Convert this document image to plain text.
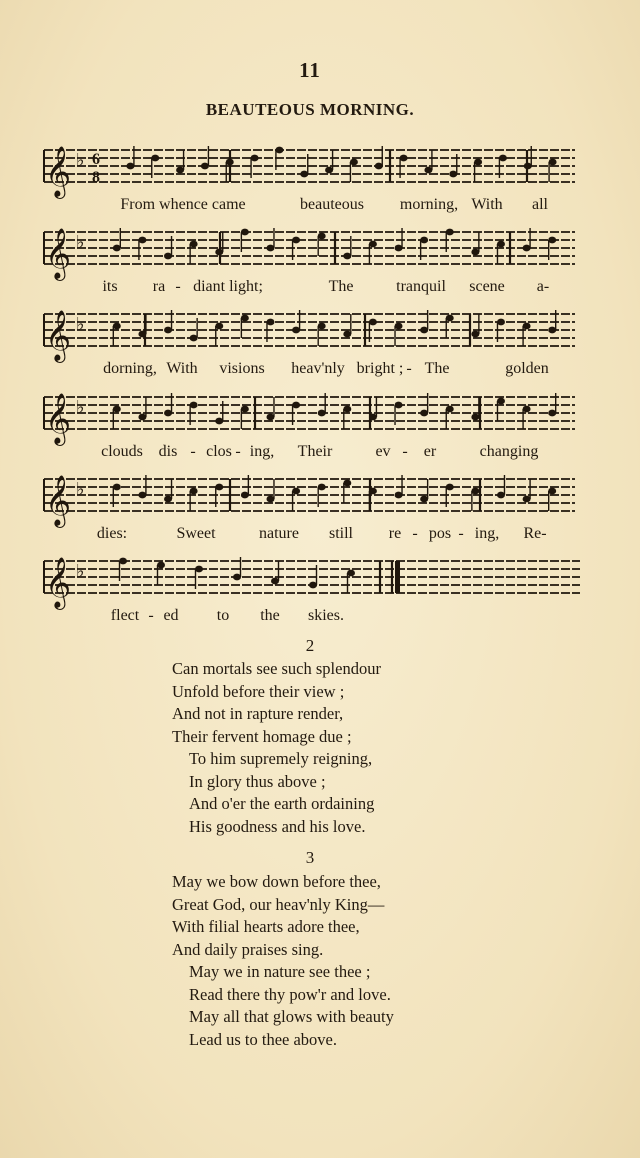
11
BEAUTEOUS MORNING.
𝄞 ♭ 6
8
From whence came	beauteous morning, With all
𝄞 ♭
its ra - diant light;	The	tranquil scene a-
𝄞 ♭
dorning, With visions heav'nly bright ; - The	golden
𝄞 ♭
clouds dis - clos - ing, Their	ev - er	changing
𝄞 ♭
dies:	Sweet	nature still re - pos - ing, Re-
𝄞 ♭
flect - ed to the skies.
2
Can mortals see such splendour
Unfold before their view ;
And not in rapture render,
Their fervent homage due ;
To him supremely reigning,
In glory thus above ;
And o'er the earth ordaining
His goodness and his love.
3
May we bow down before thee,
Great God, our heav'nly King—
With filial hearts adore thee,
And daily praises sing.
May we in nature see thee ;
Read there thy pow'r and love.
May all that glows with beauty
Lead us to thee above.
